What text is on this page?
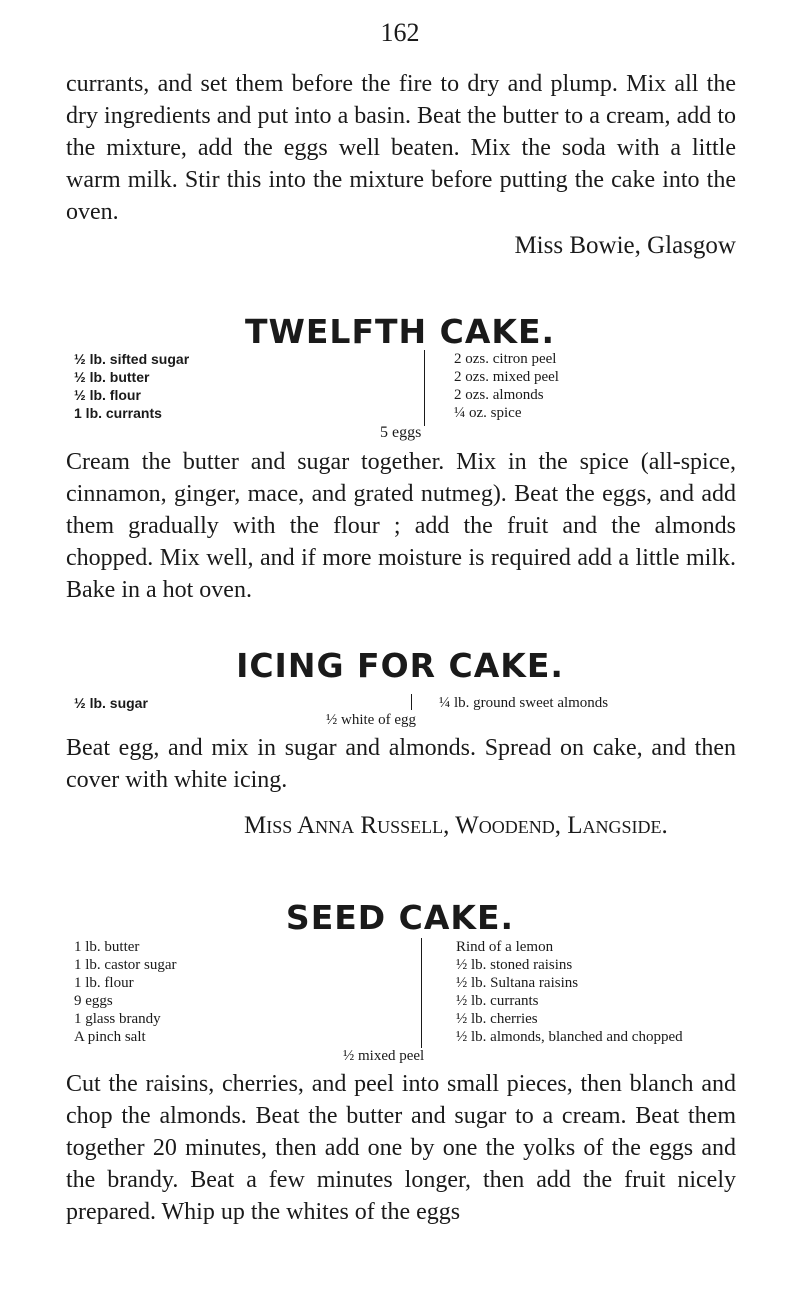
162

currants, and set them before the fire to dry and plump. Mix all the dry ingredients and put into a basin. Beat the butter to a cream, add to the mixture, add the eggs well beaten. Mix the soda with a little warm milk. Stir this into the mixture before putting the cake into the oven.

Miss Bowie, Glasgow
TWELFTH CAKE.
½ lb. sifted sugar
½ lb. butter
½ lb. flour
1 lb. currants
2 ozs. citron peel
2 ozs. mixed peel
2 ozs. almonds
¼ oz. spice
5 eggs

Cream the butter and sugar together. Mix in the spice (all-spice, cinnamon, ginger, mace, and grated nutmeg). Beat the eggs, and add them gradually with the flour ; add the fruit and the almonds chopped. Mix well, and if more moisture is required add a little milk. Bake in a hot oven.

ICING FOR CAKE.
½ lb. sugar	¼ lb. ground sweet almonds
½ white of egg

Beat egg, and mix in sugar and almonds. Spread on cake, and then cover with white icing.

Miss Anna Russell, Woodend, Langside.
SEED CAKE.
1 lb. butter
1 lb. castor sugar
1 lb. flour
9 eggs
1 glass brandy
A pinch salt
Rind of a lemon
½ lb. stoned raisins
½ lb. Sultana raisins
½ lb. currants
½ lb. cherries
½ lb. almonds, blanched and chopped
½ mixed peel

Cut the raisins, cherries, and peel into small pieces, then blanch and chop the almonds. Beat the butter and sugar to a cream. Beat them together 20 minutes, then add one by one the yolks of the eggs and the brandy. Beat a few minutes longer, then add the fruit nicely prepared. Whip up the whites of the eggs
